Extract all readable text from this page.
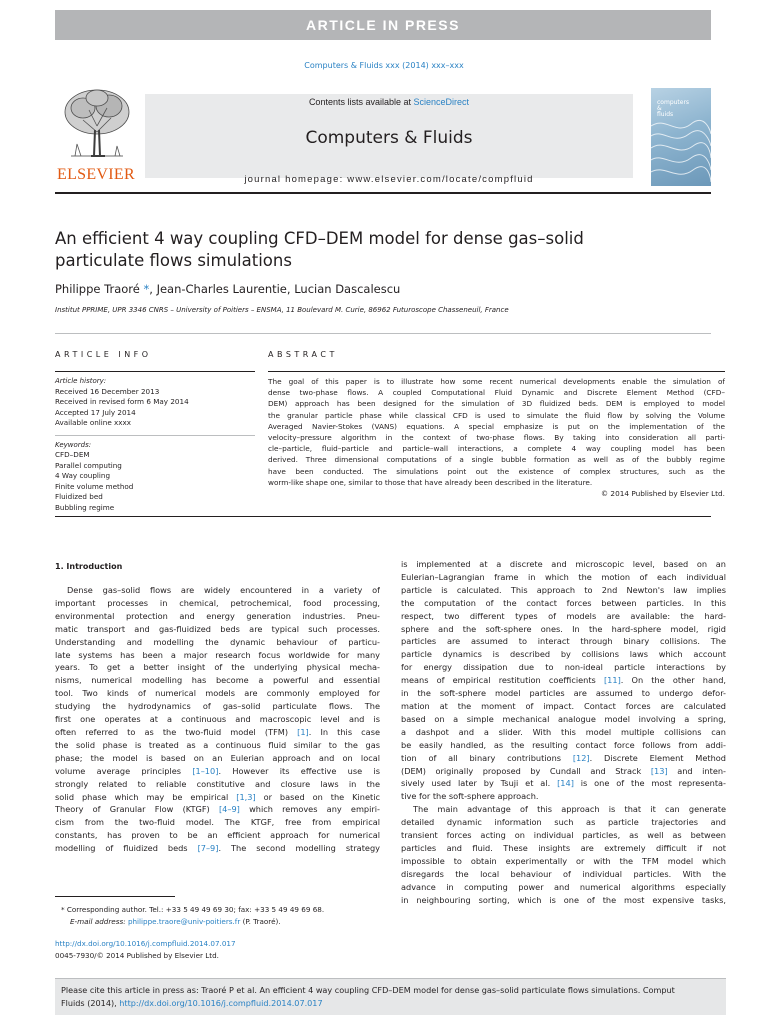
ARTICLE IN PRESS
Computers & Fluids xxx (2014) xxx–xxx
ELSEVIER
Contents lists available at ScienceDirect
Computers & Fluids
journal homepage: www.elsevier.com/locate/compfluid
computers
&
fluids
An efficient 4 way coupling CFD–DEM model for dense gas–solid
particulate flows simulations
Philippe Traoré *, Jean-Charles Laurentie, Lucian Dascalescu
Institut PPRIME, UPR 3346 CNRS – University of Poitiers – ENSMA, 11 Boulevard M. Curie, 86962 Futuroscope Chasseneuil, France
ARTICLE INFO
Article history:
Received 16 December 2013
Received in revised form 6 May 2014
Accepted 17 July 2014
Available online xxxx
Keywords:
CFD–DEM
Parallel computing
4 Way coupling
Finite volume method
Fluidized bed
Bubbling regime
ABSTRACT
The goal of this paper is to illustrate how some recent numerical developments enable the simulation of
dense two-phase flows. A coupled Computational Fluid Dynamic and Discrete Element Method (CFD–
DEM) approach has been designed for the simulation of 3D fluidized beds. DEM is employed to model
the granular particle phase while classical CFD is used to simulate the fluid flow by solving the Volume
Averaged Navier-Stokes (VANS) equations. A special emphasize is put on the implementation of the
velocity–pressure algorithm in the context of two-phase flows. By taking into consideration all parti-
cle–particle, fluid–particle and particle–wall interactions, a complete 4 way coupling model has been
derived. Three dimensional computations of a single bubble formation as well as of the bubbly regime
have been conducted. The simulations point out the existence of complex structures, such as the
worm-like shape one, similar to those that have already been described in the literature.
© 2014 Published by Elsevier Ltd.
1. Introduction
Dense gas–solid flows are widely encountered in a variety of
important processes in chemical, petrochemical, food processing,
environmental protection and energy generation industries. Pneu-
matic transport and gas-fluidized beds are typical such processes.
Understanding and modelling the dynamic behaviour of particu-
late systems has been a major research focus worldwide for many
years. To get a better insight of the underlying physical mecha-
nisms, numerical modelling has become a powerful and essential
tool. Two kinds of numerical models are commonly employed for
studying the hydrodynamics of gas–solid particulate flows. The
first one operates at a continuous and macroscopic level and is
often referred to as the two-fluid model (TFM) [1]. In this case
the solid phase is treated as a continuous fluid similar to the gas
phase; the model is based on an Eulerian approach and on local
volume average principles [1–10]. However its effective use is
strongly related to reliable constitutive and closure laws in the
solid phase which may be empirical [1,3] or based on the Kinetic
Theory of Granular Flow (KTGF) [4–9] which removes any empiri-
cism from the two-fluid model. The KTGF, free from empirical
constants, has proven to be an efficient approach for numerical
modelling of fluidized beds [7–9]. The second modelling strategy
is implemented at a discrete and microscopic level, based on an
Eulerian–Lagrangian frame in which the motion of each individual
particle is calculated. This approach to 2nd Newton's law implies
the computation of the contact forces between particles. In this
respect, two different types of models are available: the hard-
sphere and the soft-sphere ones. In the hard-sphere model, rigid
particles are assumed to interact through binary collisions. The
particle dynamics is described by collisions laws which account
for energy dissipation due to non-ideal particle interactions by
means of empirical restitution coefficients [11]. On the other hand,
in the soft-sphere model particles are assumed to undergo defor-
mation at the moment of impact. Contact forces are calculated
based on a simple mechanical analogue model involving a spring,
a dashpot and a slider. With this model multiple collisions can
be easily handled, as the resulting contact force follows from addi-
tion of all binary contributions [12]. Discrete Element Method
(DEM) originally proposed by Cundall and Strack [13] and inten-
sively used later by Tsuji et al. [14] is one of the most representa-
tive for the soft-sphere approach.
The main advantage of this approach is that it can generate
detailed dynamic information such as particle trajectories and
transient forces acting on individual particles, as well as between
particles and fluid. These insights are extremely difficult if not
impossible to obtain experimentally or with the TFM model which
disregards the local behaviour of individual particles. With the
advance in computing power and numerical algorithms especially
in neighbouring sorting, which is one of the most expensive tasks,
* Corresponding author. Tel.: +33 5 49 49 69 30; fax: +33 5 49 49 69 68.
E-mail address: philippe.traore@univ-poitiers.fr (P. Traoré).
http://dx.doi.org/10.1016/j.compfluid.2014.07.017
0045-7930/© 2014 Published by Elsevier Ltd.
Please cite this article in press as: Traoré P et al. An efficient 4 way coupling CFD–DEM model for dense gas–solid particulate flows simulations. Comput
Fluids (2014), http://dx.doi.org/10.1016/j.compfluid.2014.07.017
